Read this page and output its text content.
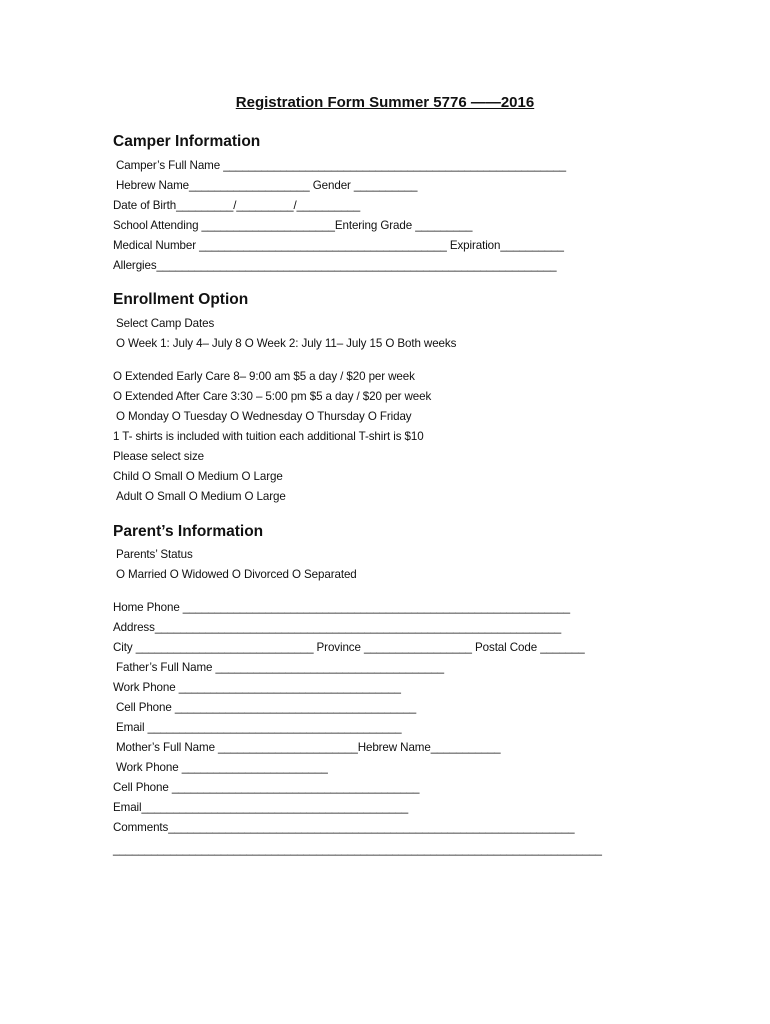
Registration Form Summer 5776 ——2016
Camper Information
Camper’s Full Name ______________________________________________________
Hebrew Name___________________ Gender __________
Date of Birth_________/_________/__________
School Attending _____________________Entering Grade _________
Medical Number _______________________________________ Expiration__________
Allergies_______________________________________________________________
Enrollment Option
Select Camp Dates
O Week 1: July 4– July 8 O Week 2: July 11– July 15 O Both weeks
O Extended Early Care 8– 9:00 am $5 a day / $20 per week
O Extended After Care 3:30 – 5:00 pm $5 a day / $20 per week
O Monday O Tuesday O Wednesday O Thursday O Friday
1 T- shirts is included with tuition each additional T-shirt is $10
Please select size
Child O Small O Medium O Large
Adult O Small O Medium O Large
Parent’s Information
Parents’ Status
O Married O Widowed O Divorced O Separated
Home Phone _____________________________________________________________
Address________________________________________________________________
City ____________________________ Province _________________ Postal Code _______
Father’s Full Name ____________________________________
Work Phone ___________________________________
Cell Phone ______________________________________
Email ________________________________________
Mother’s Full Name ______________________Hebrew Name___________
Work Phone _______________________
Cell Phone _______________________________________
Email__________________________________________
Comments________________________________________________________________
_____________________________________________________________________________
